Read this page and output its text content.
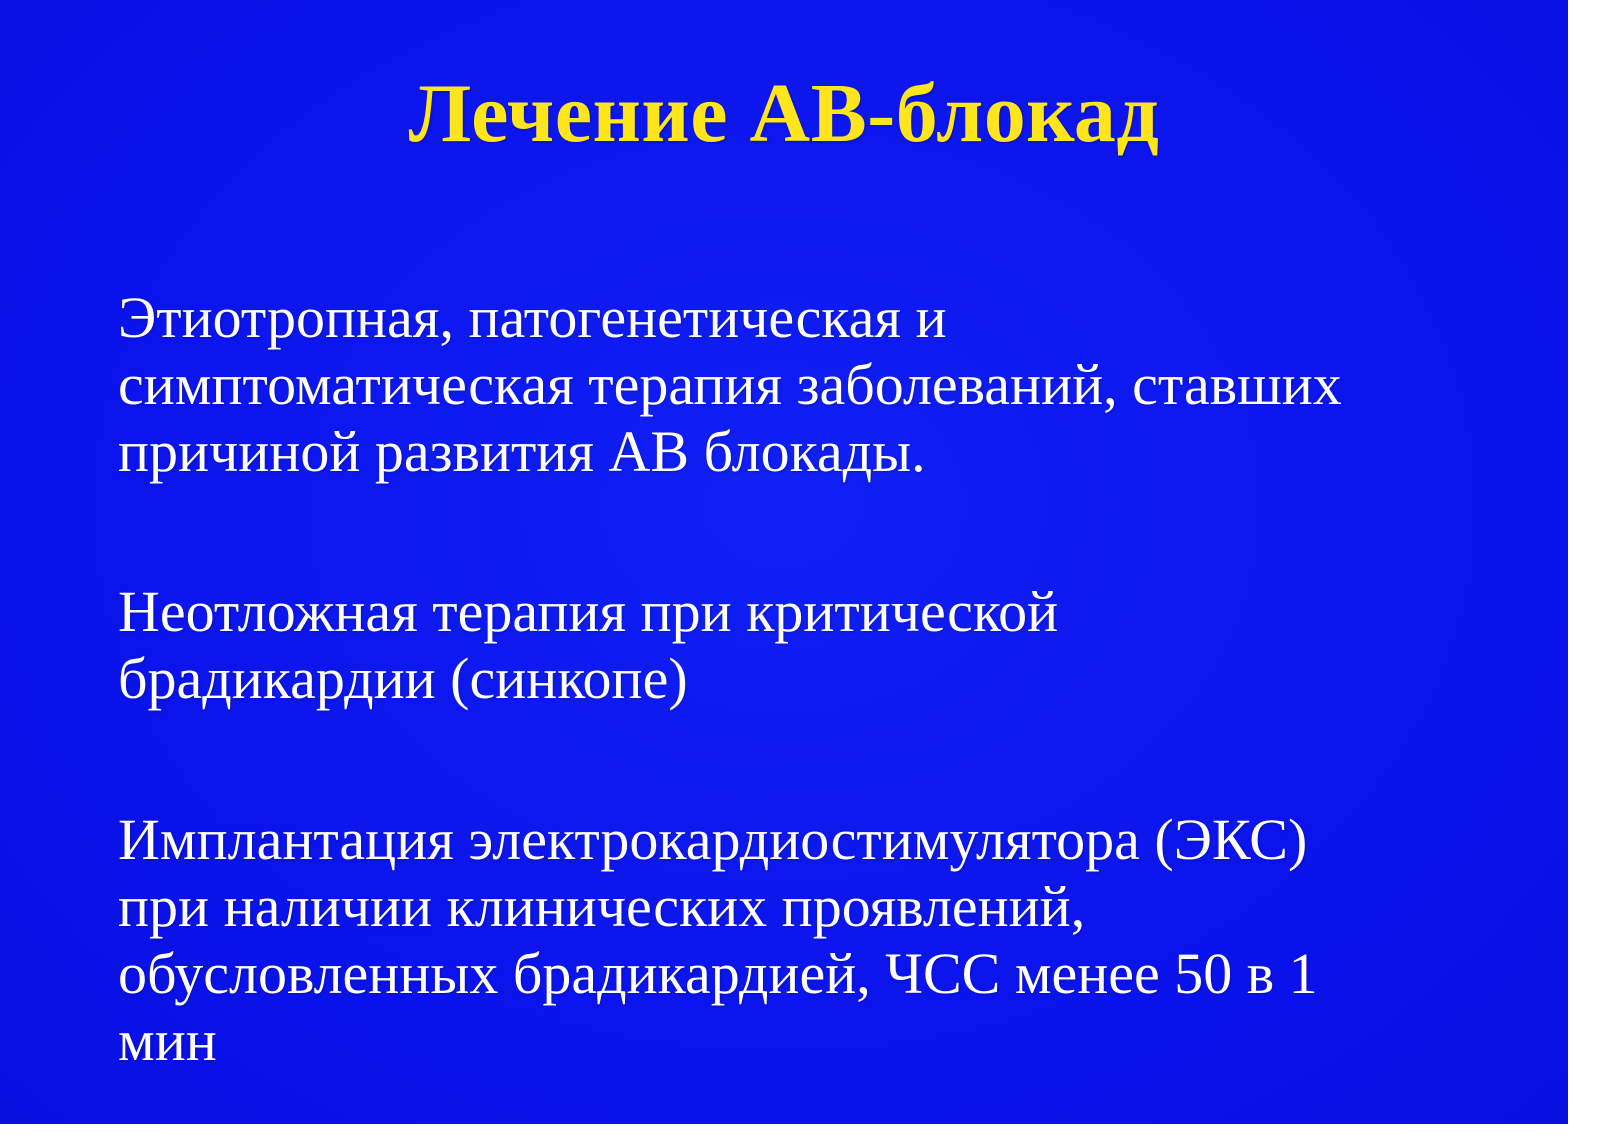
Лечение АВ-блокад

Этиотропная, патогенетическая и
симптоматическая терапия заболеваний, ставших
причиной развития АВ блокады.

Неотложная терапия при критической
брадикардии (синкопе)

Имплантация электрокардиостимулятора (ЭКС)
при наличии клинических проявлений,
обусловленных брадикардией, ЧСС менее 50 в 1
мин
